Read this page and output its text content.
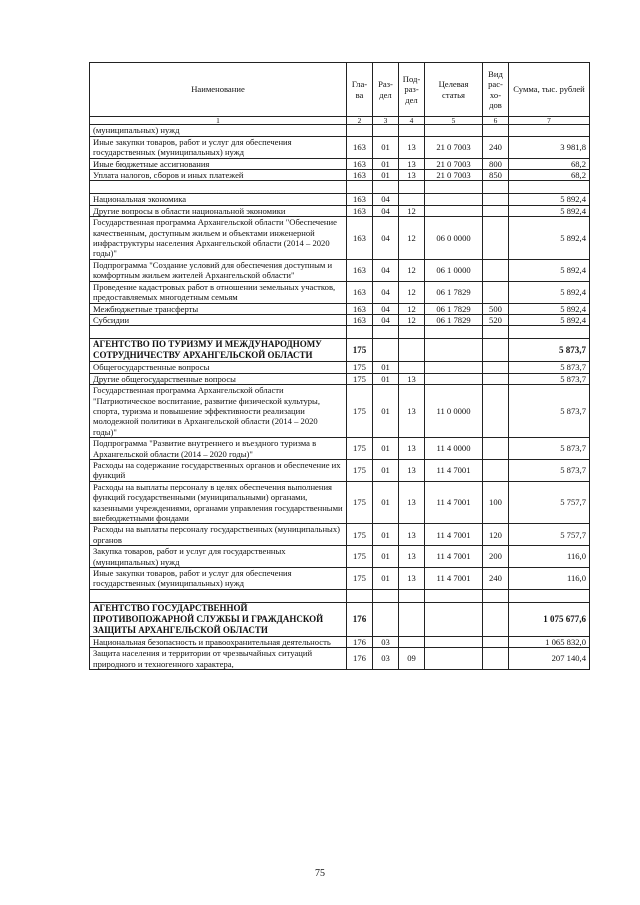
Наименование	Гла-ва	Раз-дел	Под-раз-дел	Целевая статья	Вид рас-хо-дов	Сумма, тыс. рублей
1	2	3	4	5	6	7
(муниципальных) нужд						
Иные закупки товаров, работ и услуг для обеспечения государственных (муниципальных) нужд	163	01	13	21 0 7003	240	3 981,8
Иные бюджетные ассигнования	163	01	13	21 0 7003	800	68,2
Уплата налогов, сборов и иных платежей	163	01	13	21 0 7003	850	68,2

Национальная экономика	163	04				5 892,4
Другие вопросы в области национальной экономики	163	04	12			5 892,4
Государственная программа Архангельской области "Обеспечение качественным, доступным жильем и объектами инженерной инфраструктуры населения Архангельской области (2014 – 2020 годы)"	163	04	12	06 0 0000		5 892,4
Подпрограмма "Создание условий для обеспечения доступным и комфортным жильем жителей Архангельской области"	163	04	12	06 1 0000		5 892,4
Проведение кадастровых работ в отношении земельных участков, предоставляемых многодетным семьям	163	04	12	06 1 7829		5 892,4
Межбюджетные трансферты	163	04	12	06 1 7829	500	5 892,4
Субсидии	163	04	12	06 1 7829	520	5 892,4

АГЕНТСТВО ПО ТУРИЗМУ И МЕЖДУНАРОДНОМУ СОТРУДНИЧЕСТВУ АРХАНГЕЛЬСКОЙ ОБЛАСТИ	175					5 873,7
Общегосударственные вопросы	175	01				5 873,7
Другие общегосударственные вопросы	175	01	13			5 873,7
Государственная программа Архангельской области "Патриотическое воспитание, развитие физической культуры, спорта, туризма и повышение эффективности реализации молодежной политики в Архангельской области (2014 – 2020 годы)"	175	01	13	11 0 0000		5 873,7
Подпрограмма "Развитие внутреннего и въездного туризма в Архангельской области (2014 – 2020 годы)"	175	01	13	11 4 0000		5 873,7
Расходы на содержание государственных органов и обеспечение их функций	175	01	13	11 4 7001		5 873,7
Расходы на выплаты персоналу в целях обеспечения выполнения функций государственными (муниципальными) органами, казенными учреждениями, органами управления государственными внебюджетными фондами	175	01	13	11 4 7001	100	5 757,7
Расходы на выплаты персоналу государственных (муниципальных) органов	175	01	13	11 4 7001	120	5 757,7
Закупка товаров, работ и услуг для государственных (муниципальных) нужд	175	01	13	11 4 7001	200	116,0
Иные закупки товаров, работ и услуг для обеспечения государственных (муниципальных) нужд	175	01	13	11 4 7001	240	116,0

АГЕНТСТВО ГОСУДАРСТВЕННОЙ ПРОТИВОПОЖАРНОЙ СЛУЖБЫ И ГРАЖДАНСКОЙ ЗАЩИТЫ АРХАНГЕЛЬСКОЙ ОБЛАСТИ	176					1 075 677,6
Национальная безопасность и правоохранительная деятельность	176	03				1 065 832,0
Защита населения и территории от чрезвычайных ситуаций природного и техногенного характера,	176	03	09			207 140,4
75
